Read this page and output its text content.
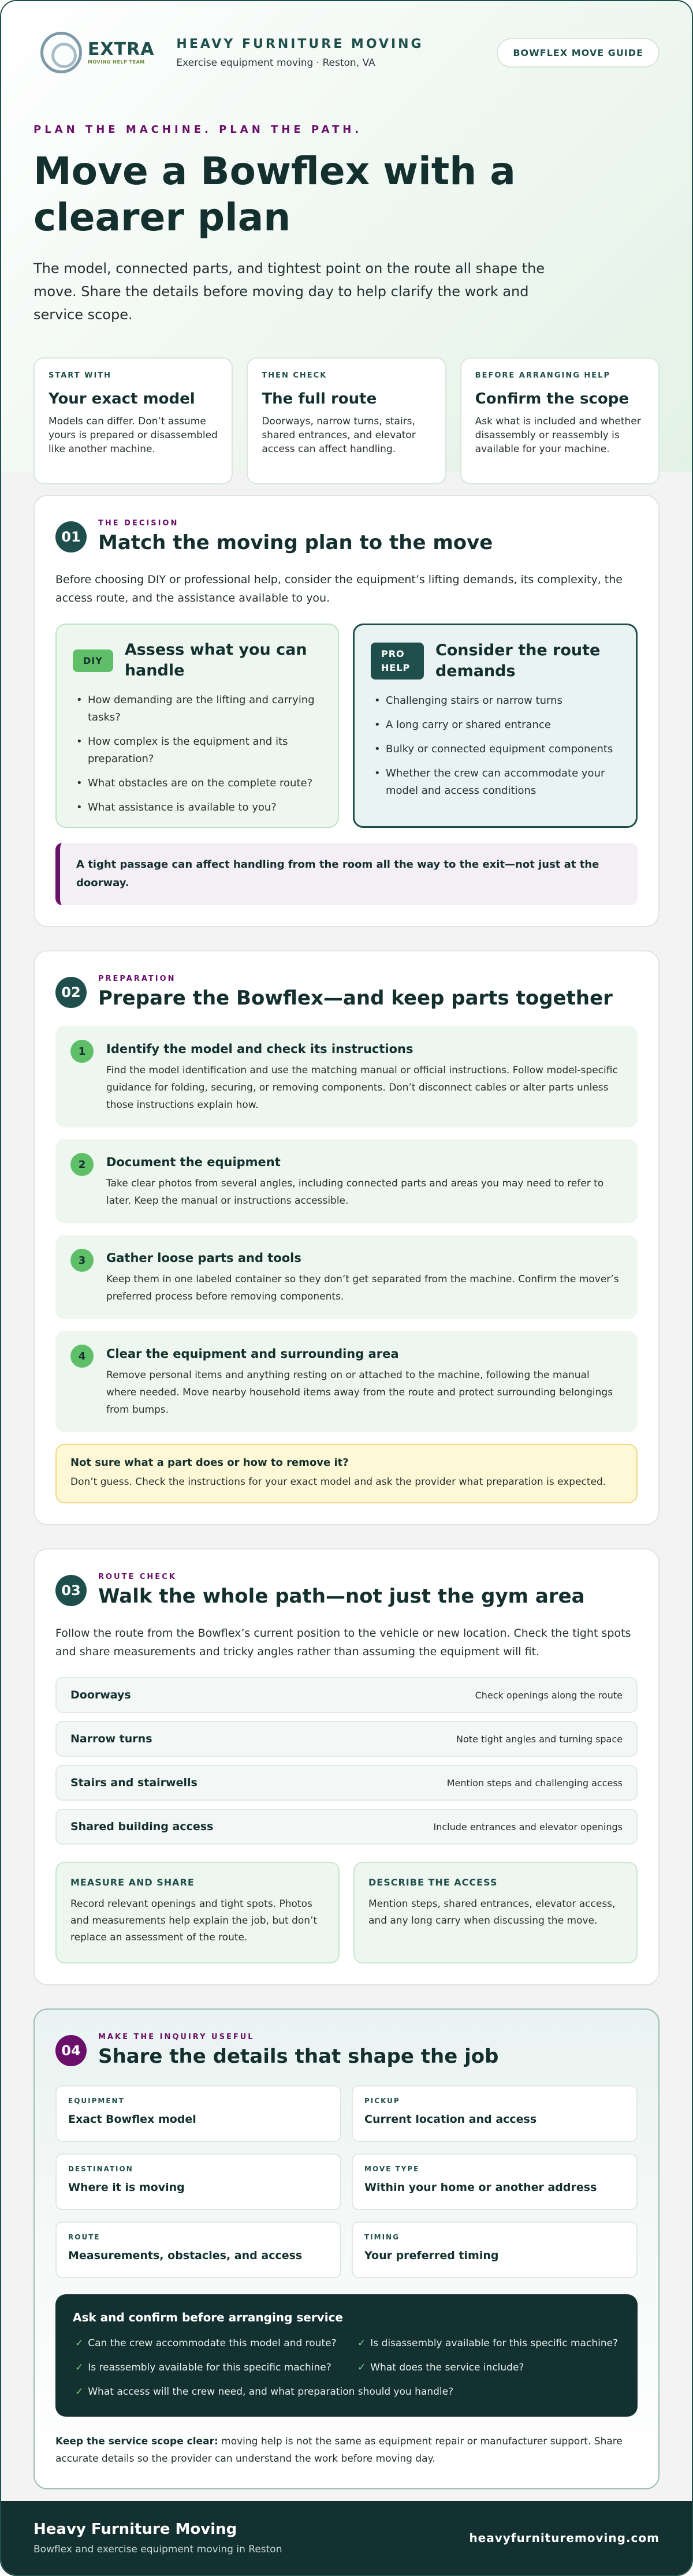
EXTRA
MOVING HELP TEAM
HEAVY FURNITURE MOVING
Exercise equipment moving · Reston, VA
BOWFLEX MOVE GUIDE
PLAN THE MACHINE. PLAN THE PATH.
Move a Bowflex with a clearer plan

The model, connected parts, and tightest point on the route all shape the move. Share the details before moving day to help clarify the work and service scope.

START WITH
Your exact model
Models can differ. Don’t assume yours is prepared or disassembled like another machine.
THEN CHECK
The full route
Doorways, narrow turns, stairs, shared entrances, and elevator access can affect handling.
BEFORE ARRANGING HELP
Confirm the scope
Ask what is included and whether disassembly or reassembly is available for your machine.
01
THE DECISION
Match the moving plan to the move

Before choosing DIY or professional help, consider the equipment’s lifting demands, its complexity, the access route, and the assistance available to you.

DIY
Assess what you can handle
• How demanding are the lifting and carrying tasks?
• How complex is the equipment and its preparation?
• What obstacles are on the complete route?
• What assistance is available to you?
PRO HELP
Consider the route demands
• Challenging stairs or narrow turns
• A long carry or shared entrance
• Bulky or connected equipment components
• Whether the crew can accommodate your model and access conditions
A tight passage can affect handling from the room all the way to the exit—not just at the doorway.
02
PREPARATION
Prepare the Bowflex—and keep parts together
1	Identify the model and check its instructions
Find the model identification and use the matching manual or official instructions. Follow model-specific guidance for folding, securing, or removing components. Don’t disconnect cables or alter parts unless those instructions explain how.
2	Document the equipment
Take clear photos from several angles, including connected parts and areas you may need to refer to later. Keep the manual or instructions accessible.
3	Gather loose parts and tools
Keep them in one labeled container so they don’t get separated from the machine. Confirm the mover’s preferred process before removing components.
4	Clear the equipment and surrounding area
Remove personal items and anything resting on or attached to the machine, following the manual where needed. Move nearby household items away from the route and protect surrounding belongings from bumps.
Not sure what a part does or how to remove it?
Don’t guess. Check the instructions for your exact model and ask the provider what preparation is expected.
03
ROUTE CHECK
Walk the whole path—not just the gym area

Follow the route from the Bowflex’s current position to the vehicle or new location. Check the tight spots and share measurements and tricky angles rather than assuming the equipment will fit.

Doorways	Check openings along the route
Narrow turns	Note tight angles and turning space
Stairs and stairwells	Mention steps and challenging access
Shared building access	Include entrances and elevator openings
MEASURE AND SHARE
Record relevant openings and tight spots. Photos and measurements help explain the job, but don’t replace an assessment of the route.
DESCRIBE THE ACCESS
Mention steps, shared entrances, elevator access, and any long carry when discussing the move.
04
MAKE THE INQUIRY USEFUL
Share the details that shape the job
EQUIPMENT
Exact Bowflex model
PICKUP
Current location and access
DESTINATION
Where it is moving
MOVE TYPE
Within your home or another address
ROUTE
Measurements, obstacles, and access
TIMING
Your preferred timing
Ask and confirm before arranging service
✓ Can the crew accommodate this model and route? ✓ Is disassembly available for this specific machine?
✓ Is reassembly available for this specific machine?	✓ What does the service include?
✓ What access will the crew need, and what preparation should you handle?

Keep the service scope clear: moving help is not the same as equipment repair or manufacturer support. Share accurate details so the provider can understand the work before moving day.

Heavy Furniture Moving
Bowflex and exercise equipment moving in Reston
heavyfurnituremoving.com
